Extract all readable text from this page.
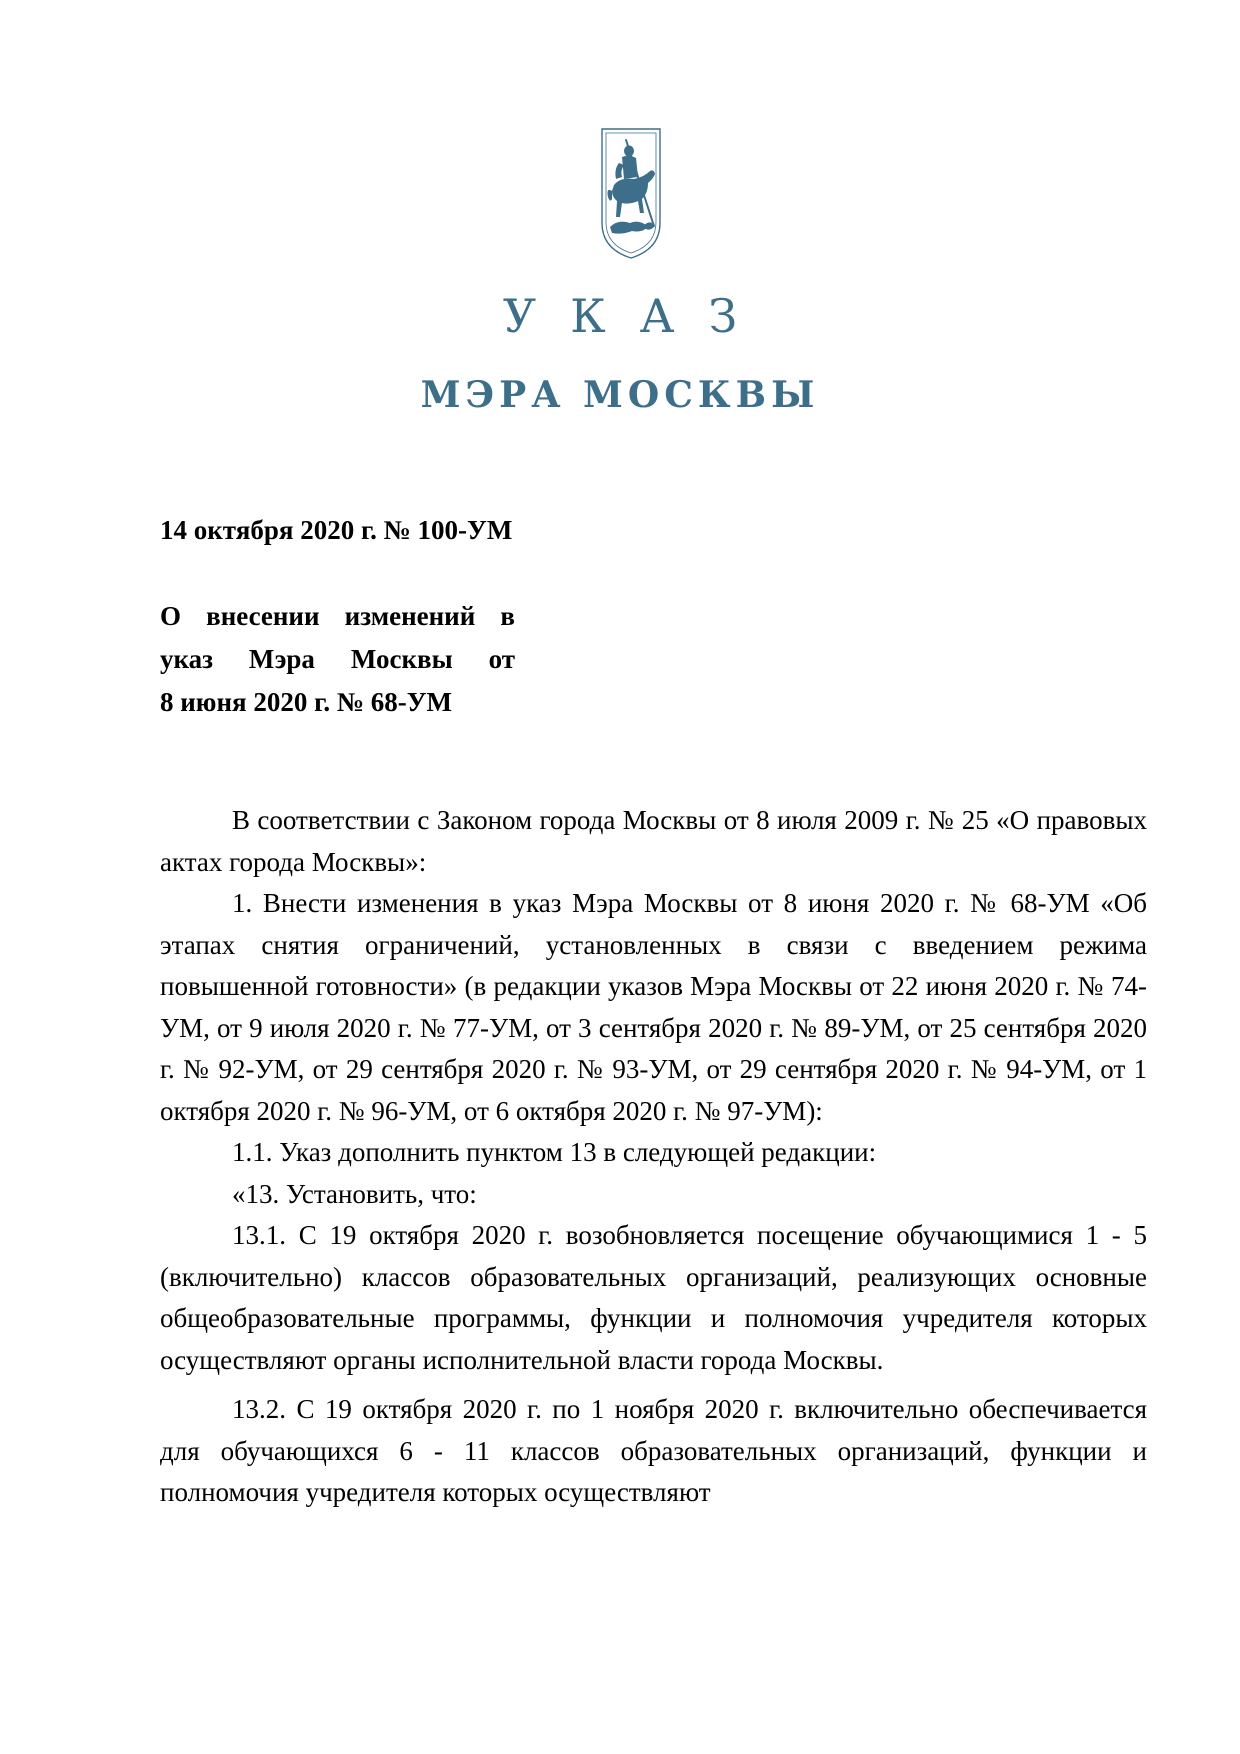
УКАЗ
МЭРА МОСКВЫ
14 октября 2020 г. № 100-УМ
О внесении изменений в
указ Мэра Москвы от
8 июня 2020 г. № 68-УМ

В соответствии с Законом города Москвы от 8 июля 2009 г. № 25 «О правовых актах города Москвы»:

1. Внести изменения в указ Мэра Москвы от 8 июня 2020 г. № 68-УМ «Об этапах снятия ограничений, установленных в связи с введением режима повышенной готовности» (в редакции указов Мэра Москвы от 22 июня 2020 г. № 74-УМ, от 9 июля 2020 г. № 77-УМ, от 3 сентября 2020 г. № 89-УМ, от 25 сентября 2020 г. № 92-УМ, от 29 сентября 2020 г. № 93-УМ, от 29 сентября 2020 г. № 94-УМ, от 1 октября 2020 г. № 96-УМ, от 6 октября 2020 г. № 97-УМ):

1.1. Указ дополнить пунктом 13 в следующей редакции:

«13. Установить, что:

13.1. С 19 октября 2020 г. возобновляется посещение обучающимися 1 - 5 (включительно) классов образовательных организаций, реализующих основные общеобразовательные программы, функции и полномочия учредителя которых осуществляют органы исполнительной власти города Москвы.

13.2. С 19 октября 2020 г. по 1 ноября 2020 г. включительно обеспечивается для обучающихся 6 - 11 классов образовательных организаций, функции и полномочия учредителя которых осуществляют
